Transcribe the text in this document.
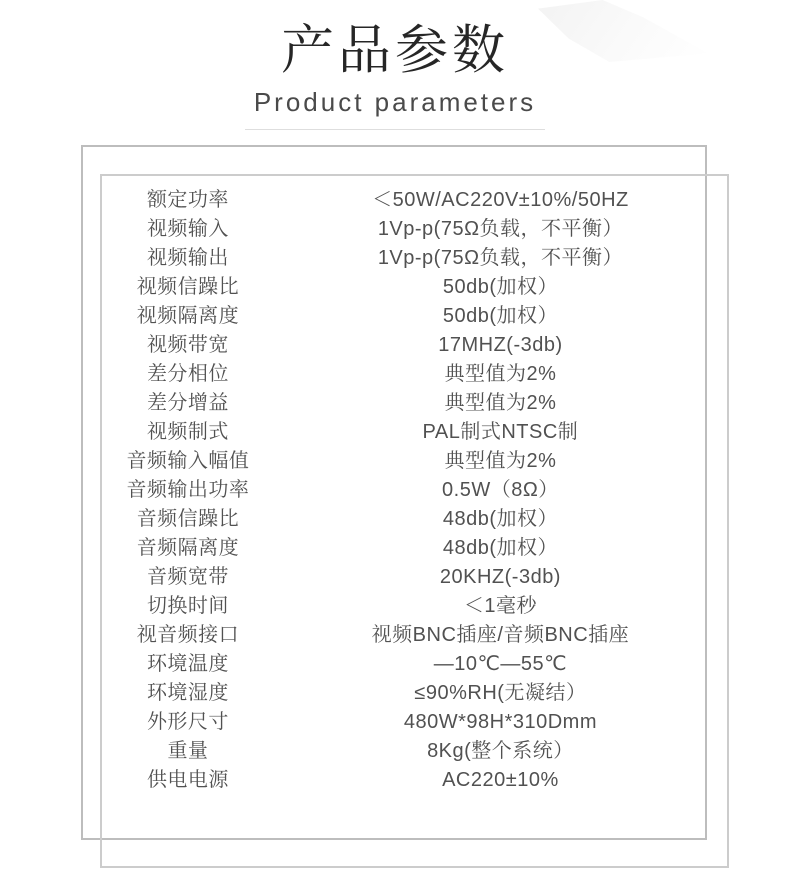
产品参数
Product parameters
额定功率	＜50W/AC220V±10%/50HZ
视频输入	1Vp-p(75Ω负载，不平衡）
视频输出	1Vp-p(75Ω负载，不平衡）
视频信躁比	50db(加权）
视频隔离度	50db(加权）
视频带宽	17MHZ(-3db)
差分相位	典型值为2%
差分增益	典型值为2%
视频制式	PAL制式NTSC制
音频输入幅值	典型值为2%
音频输出功率	0.5W（8Ω）
音频信躁比	48db(加权）
音频隔离度	48db(加权）
音频宽带	20KHZ(-3db)
切换时间	＜1毫秒
视音频接口	视频BNC插座/音频BNC插座
环境温度	—10℃—55℃
环境湿度	≤90%RH(无凝结）
外形尺寸	480W*98H*310Dmm
重量	8Kg(整个系统）
供电电源	AC220±10%
